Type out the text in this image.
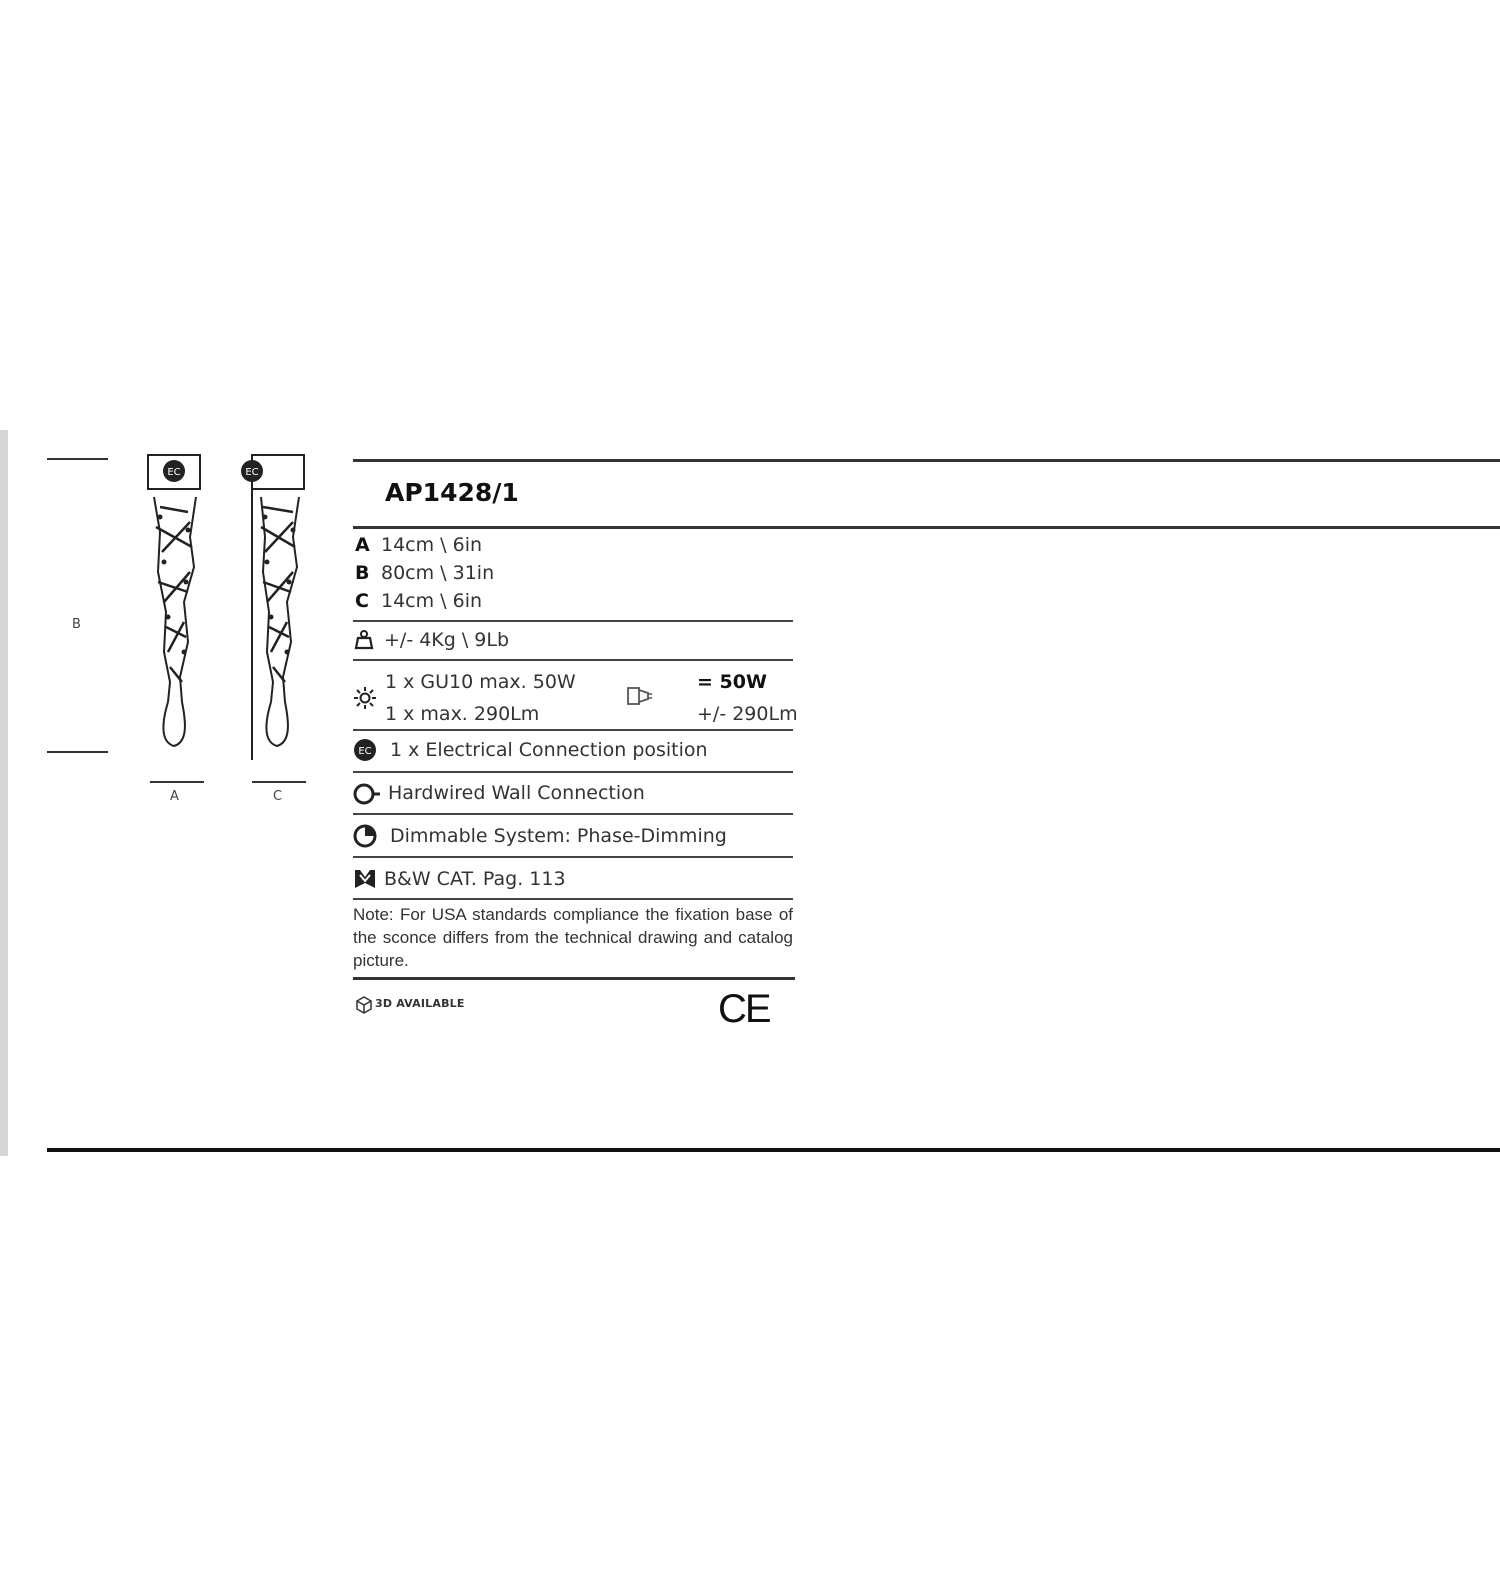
B
EC
A
EC
C
AP1428/1
A 14cm \ 6in
B 80cm \ 31in
C 14cm \ 6in
+/- 4Kg \ 9Lb
1 x GU10 max. 50W
1 x max. 290Lm
= 50W
+/- 290Lm
EC 1 x Electrical Connection position
Hardwired Wall Connection
Dimmable System: Phase-Dimming
B&W CAT. Pag. 113
Note: For USA standards compliance the fixation base of the sconce differs from the technical drawing and catalog picture.
3D AVAILABLE	CE
